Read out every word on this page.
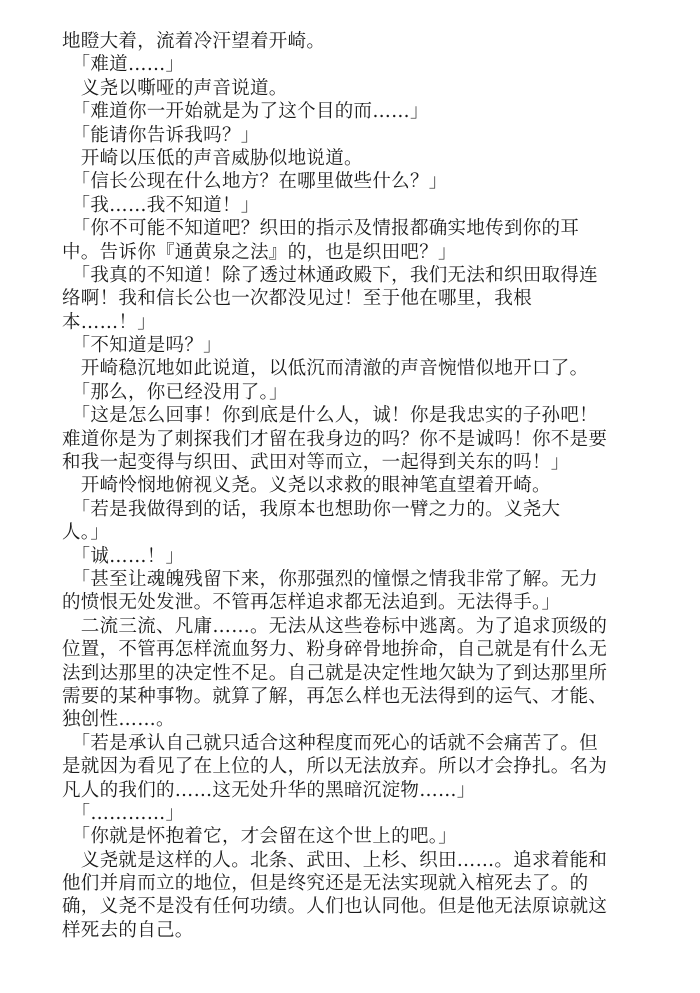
地瞪大着，流着冷汗望着开崎。
　「难道……」
　义尧以嘶哑的声音说道。
　「难道你一开始就是为了这个目的而……」
　「能请你告诉我吗？」
　开崎以压低的声音威胁似地说道。
　「信长公现在什么地方？在哪里做些什么？」
　「我……我不知道！」
　「你不可能不知道吧？织田的指示及情报都确实地传到你的耳
中。告诉你『通黄泉之法』的，也是织田吧？」
　「我真的不知道！除了透过林通政殿下，我们无法和织田取得连
络啊！我和信长公也一次都没见过！至于他在哪里，我根
本……！」
　「不知道是吗？」
　开崎稳沉地如此说道，以低沉而清澈的声音惋惜似地开口了。
　「那么，你已经没用了。」
　「这是怎么回事！你到底是什么人，诚！你是我忠实的子孙吧！
难道你是为了刺探我们才留在我身边的吗？你不是诚吗！你不是要
和我一起变得与织田、武田对等而立，一起得到关东的吗！」
　开崎怜悯地俯视义尧。义尧以求救的眼神笔直望着开崎。
　「若是我做得到的话，我原本也想助你一臂之力的。义尧大
人。」
　「诚……！」
　「甚至让魂魄残留下来，你那强烈的憧憬之情我非常了解。无力
的愤恨无处发泄。不管再怎样追求都无法追到。无法得手。」
　二流三流、凡庸……。无法从这些卷标中逃离。为了追求顶级的
位置，不管再怎样流血努力、粉身碎骨地拚命，自己就是有什么无
法到达那里的决定性不足。自己就是决定性地欠缺为了到达那里所
需要的某种事物。就算了解，再怎么样也无法得到的运气、才能、
独创性……。
　「若是承认自己就只适合这种程度而死心的话就不会痛苦了。但
是就因为看见了在上位的人，所以无法放弃。所以才会挣扎。名为
凡人的我们的……这无处升华的黑暗沉淀物……」
　「…………」
　「你就是怀抱着它，才会留在这个世上的吧。」
　义尧就是这样的人。北条、武田、上杉、织田……。追求着能和
他们并肩而立的地位，但是终究还是无法实现就入棺死去了。的
确，义尧不是没有任何功绩。人们也认同他。但是他无法原谅就这
样死去的自己。
